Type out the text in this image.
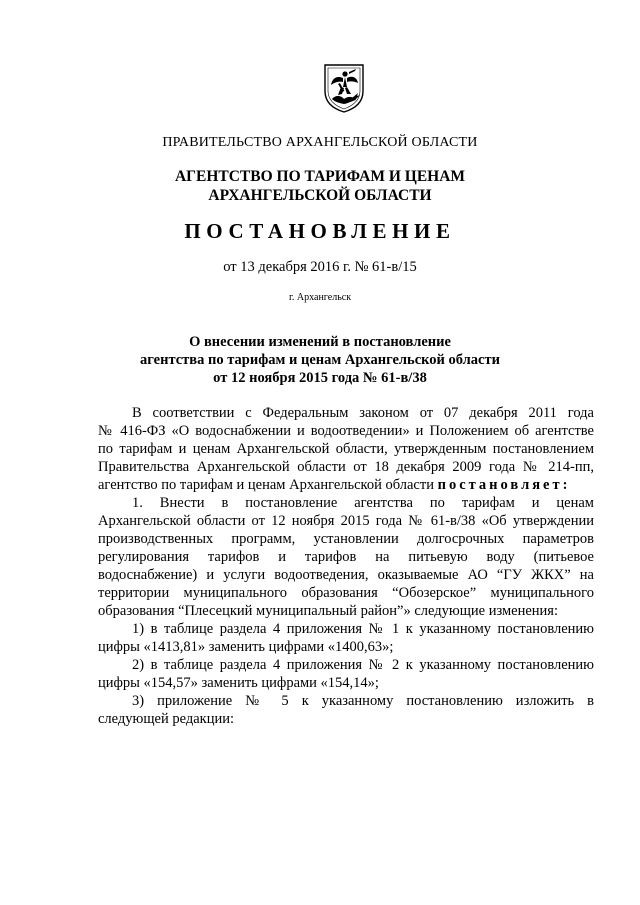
ПРАВИТЕЛЬСТВО АРХАНГЕЛЬСКОЙ ОБЛАСТИ
АГЕНТСТВО ПО ТАРИФАМ И ЦЕНАМ
АРХАНГЕЛЬСКОЙ ОБЛАСТИ
ПОСТАНОВЛЕНИЕ
от 13 декабря 2016 г. № 61-в/15
г. Архангельск
О внесении изменений в постановление
агентства по тарифам и ценам Архангельской области
от 12 ноября 2015 года № 61-в/38
В соответствии с Федеральным законом от 07 декабря 2011 года
№ 416-ФЗ «О водоснабжении и водоотведении» и Положением об агентстве
по тарифам и ценам Архангельской области, утвержденным постановлением
Правительства Архангельской области от 18 декабря 2009 года № 214-пп,
агентство по тарифам и ценам Архангельской области постановляет:
1. Внести в постановление агентства по тарифам и ценам
Архангельской области от 12 ноября 2015 года № 61-в/38 «Об утверждении
производственных программ, установлении долгосрочных параметров
регулирования тарифов и тарифов на питьевую воду (питьевое
водоснабжение) и услуги водоотведения, оказываемые АО “ГУ ЖКХ” на
территории муниципального образования “Обозерское” муниципального
образования “Плесецкий муниципальный район”» следующие изменения:
1) в таблице раздела 4 приложения № 1 к указанному постановлению
цифры «1413,81» заменить цифрами «1400,63»;
2) в таблице раздела 4 приложения № 2 к указанному постановлению
цифры «154,57» заменить цифрами «154,14»;
3) приложение № 5 к указанному постановлению изложить в
следующей редакции:
